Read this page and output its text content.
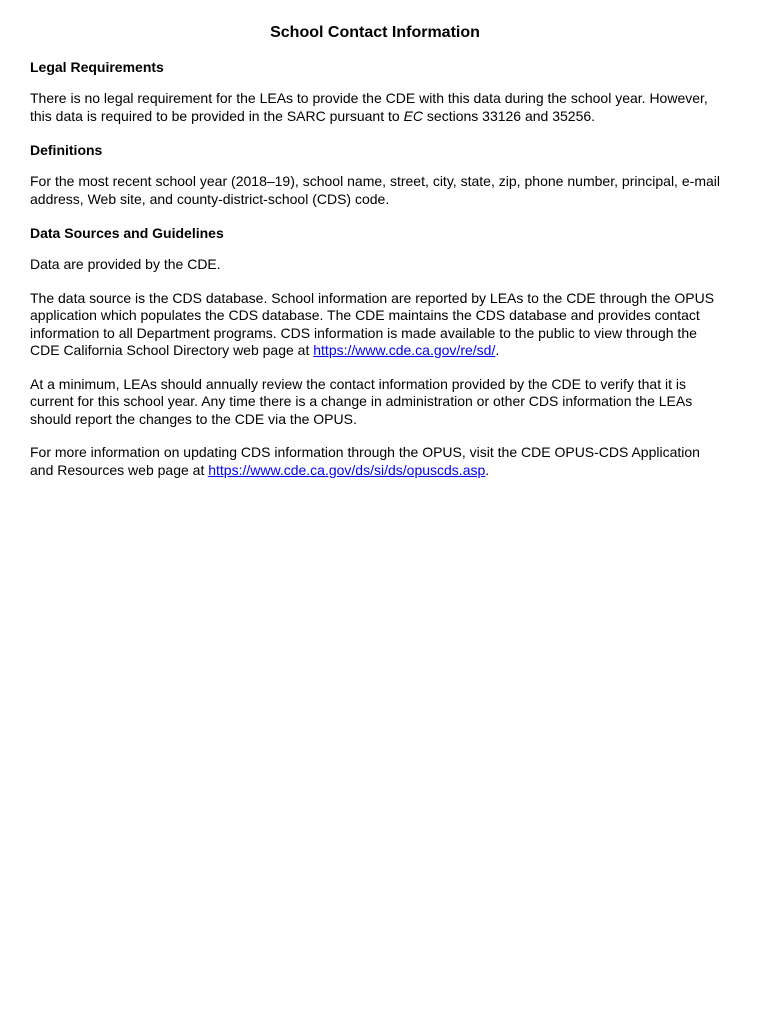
School Contact Information
Legal Requirements
There is no legal requirement for the LEAs to provide the CDE with this data during the school year. However, this data is required to be provided in the SARC pursuant to EC sections 33126 and 35256.
Definitions
For the most recent school year (2018–19), school name, street, city, state, zip, phone number, principal, e-mail address, Web site, and county-district-school (CDS) code.
Data Sources and Guidelines
Data are provided by the CDE.
The data source is the CDS database. School information are reported by LEAs to the CDE through the OPUS application which populates the CDS database. The CDE maintains the CDS database and provides contact information to all Department programs. CDS information is made available to the public to view through the CDE California School Directory web page at https://www.cde.ca.gov/re/sd/.
At a minimum, LEAs should annually review the contact information provided by the CDE to verify that it is current for this school year. Any time there is a change in administration or other CDS information the LEAs should report the changes to the CDE via the OPUS.
For more information on updating CDS information through the OPUS, visit the CDE OPUS-CDS Application and Resources web page at https://www.cde.ca.gov/ds/si/ds/opuscds.asp.
